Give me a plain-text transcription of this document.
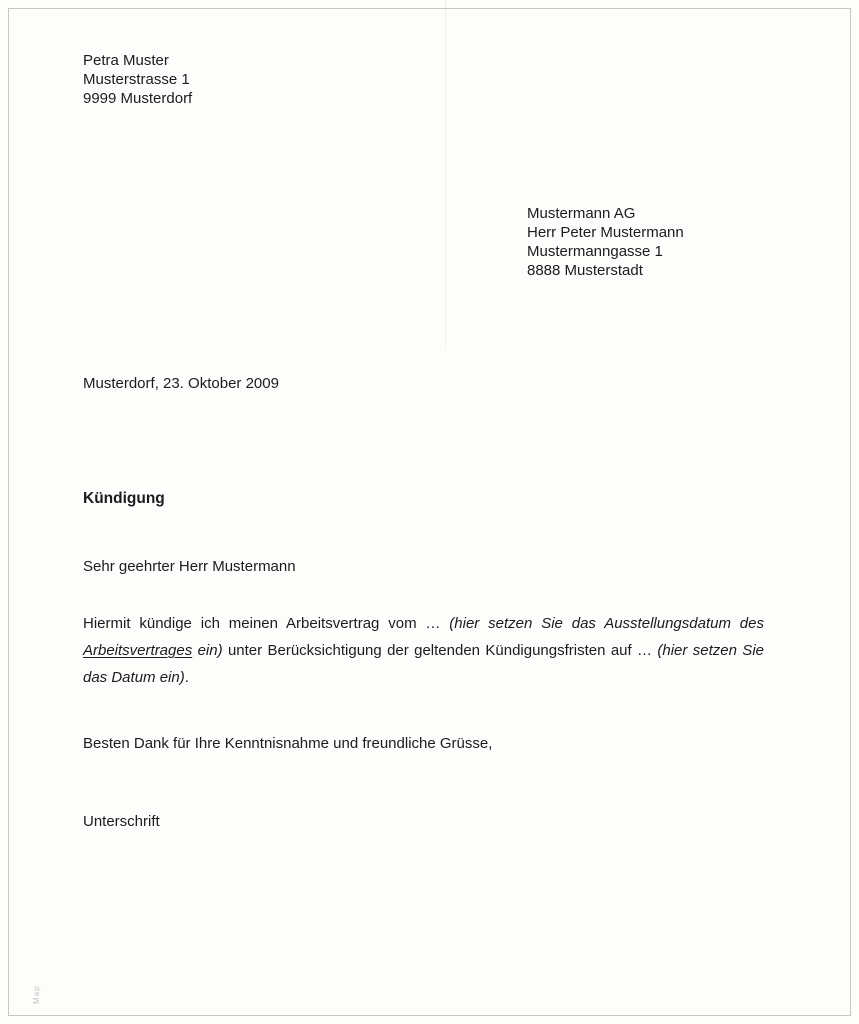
Petra Muster
Musterstrasse 1
9999 Musterdorf
Mustermann AG
Herr Peter Mustermann
Mustermanngasse 1
8888 Musterstadt
Musterdorf, 23. Oktober 2009
Kündigung
Sehr geehrter Herr Mustermann

Hiermit kündige ich meinen Arbeitsvertrag vom … (hier setzen Sie das Ausstellungsdatum des Arbeitsvertrages ein) unter Berücksichtigung der geltenden Kündigungsfristen auf … (hier setzen Sie das Datum ein).

Besten Dank für Ihre Kenntnisnahme und freundliche Grüsse,
Unterschrift
Map
